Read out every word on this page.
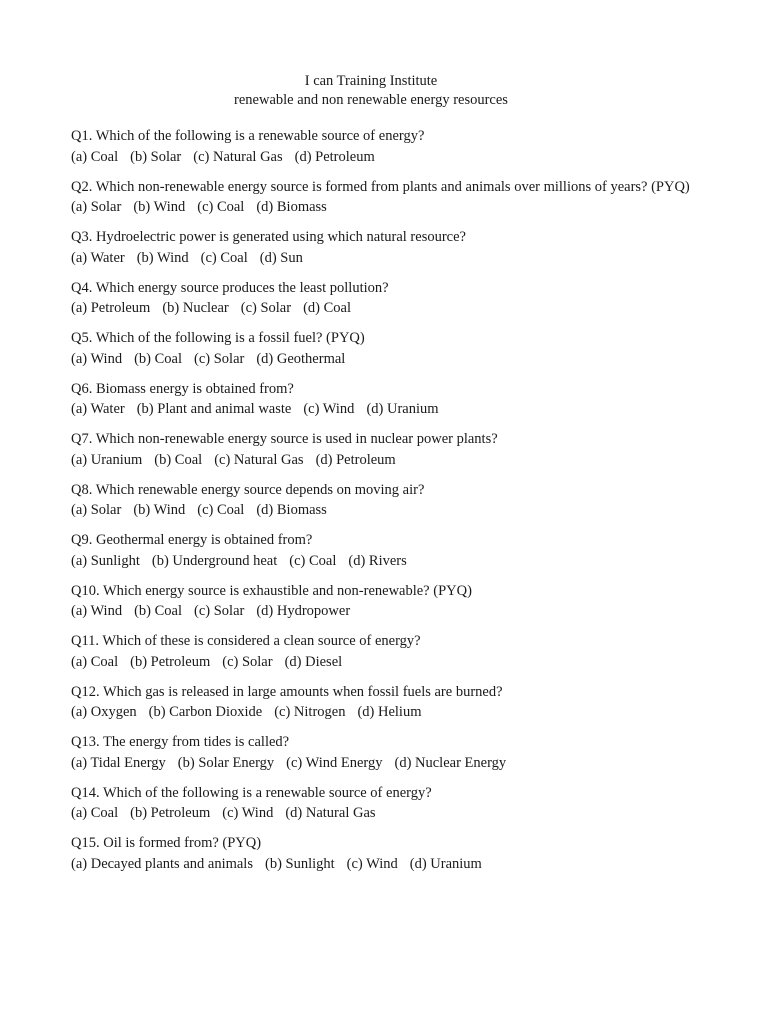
I can Training Institute
renewable and non renewable energy resources
Q1. Which of the following is a renewable source of energy?
(a) Coal (b) Solar (c) Natural Gas (d) Petroleum
Q2. Which non-renewable energy source is formed from plants and animals over millions of years? (PYQ)
(a) Solar (b) Wind (c) Coal (d) Biomass
Q3. Hydroelectric power is generated using which natural resource?
(a) Water (b) Wind (c) Coal (d) Sun
Q4. Which energy source produces the least pollution?
(a) Petroleum (b) Nuclear (c) Solar (d) Coal
Q5. Which of the following is a fossil fuel? (PYQ)
(a) Wind (b) Coal (c) Solar (d) Geothermal
Q6. Biomass energy is obtained from?
(a) Water (b) Plant and animal waste (c) Wind (d) Uranium
Q7. Which non-renewable energy source is used in nuclear power plants?
(a) Uranium (b) Coal (c) Natural Gas (d) Petroleum
Q8. Which renewable energy source depends on moving air?
(a) Solar (b) Wind (c) Coal (d) Biomass
Q9. Geothermal energy is obtained from?
(a) Sunlight (b) Underground heat (c) Coal (d) Rivers
Q10. Which energy source is exhaustible and non-renewable? (PYQ)
(a) Wind (b) Coal (c) Solar (d) Hydropower
Q11. Which of these is considered a clean source of energy?
(a) Coal (b) Petroleum (c) Solar (d) Diesel
Q12. Which gas is released in large amounts when fossil fuels are burned?
(a) Oxygen (b) Carbon Dioxide (c) Nitrogen (d) Helium
Q13. The energy from tides is called?
(a) Tidal Energy (b) Solar Energy (c) Wind Energy (d) Nuclear Energy
Q14. Which of the following is a renewable source of energy?
(a) Coal (b) Petroleum (c) Wind (d) Natural Gas
Q15. Oil is formed from? (PYQ)
(a) Decayed plants and animals (b) Sunlight (c) Wind (d) Uranium
